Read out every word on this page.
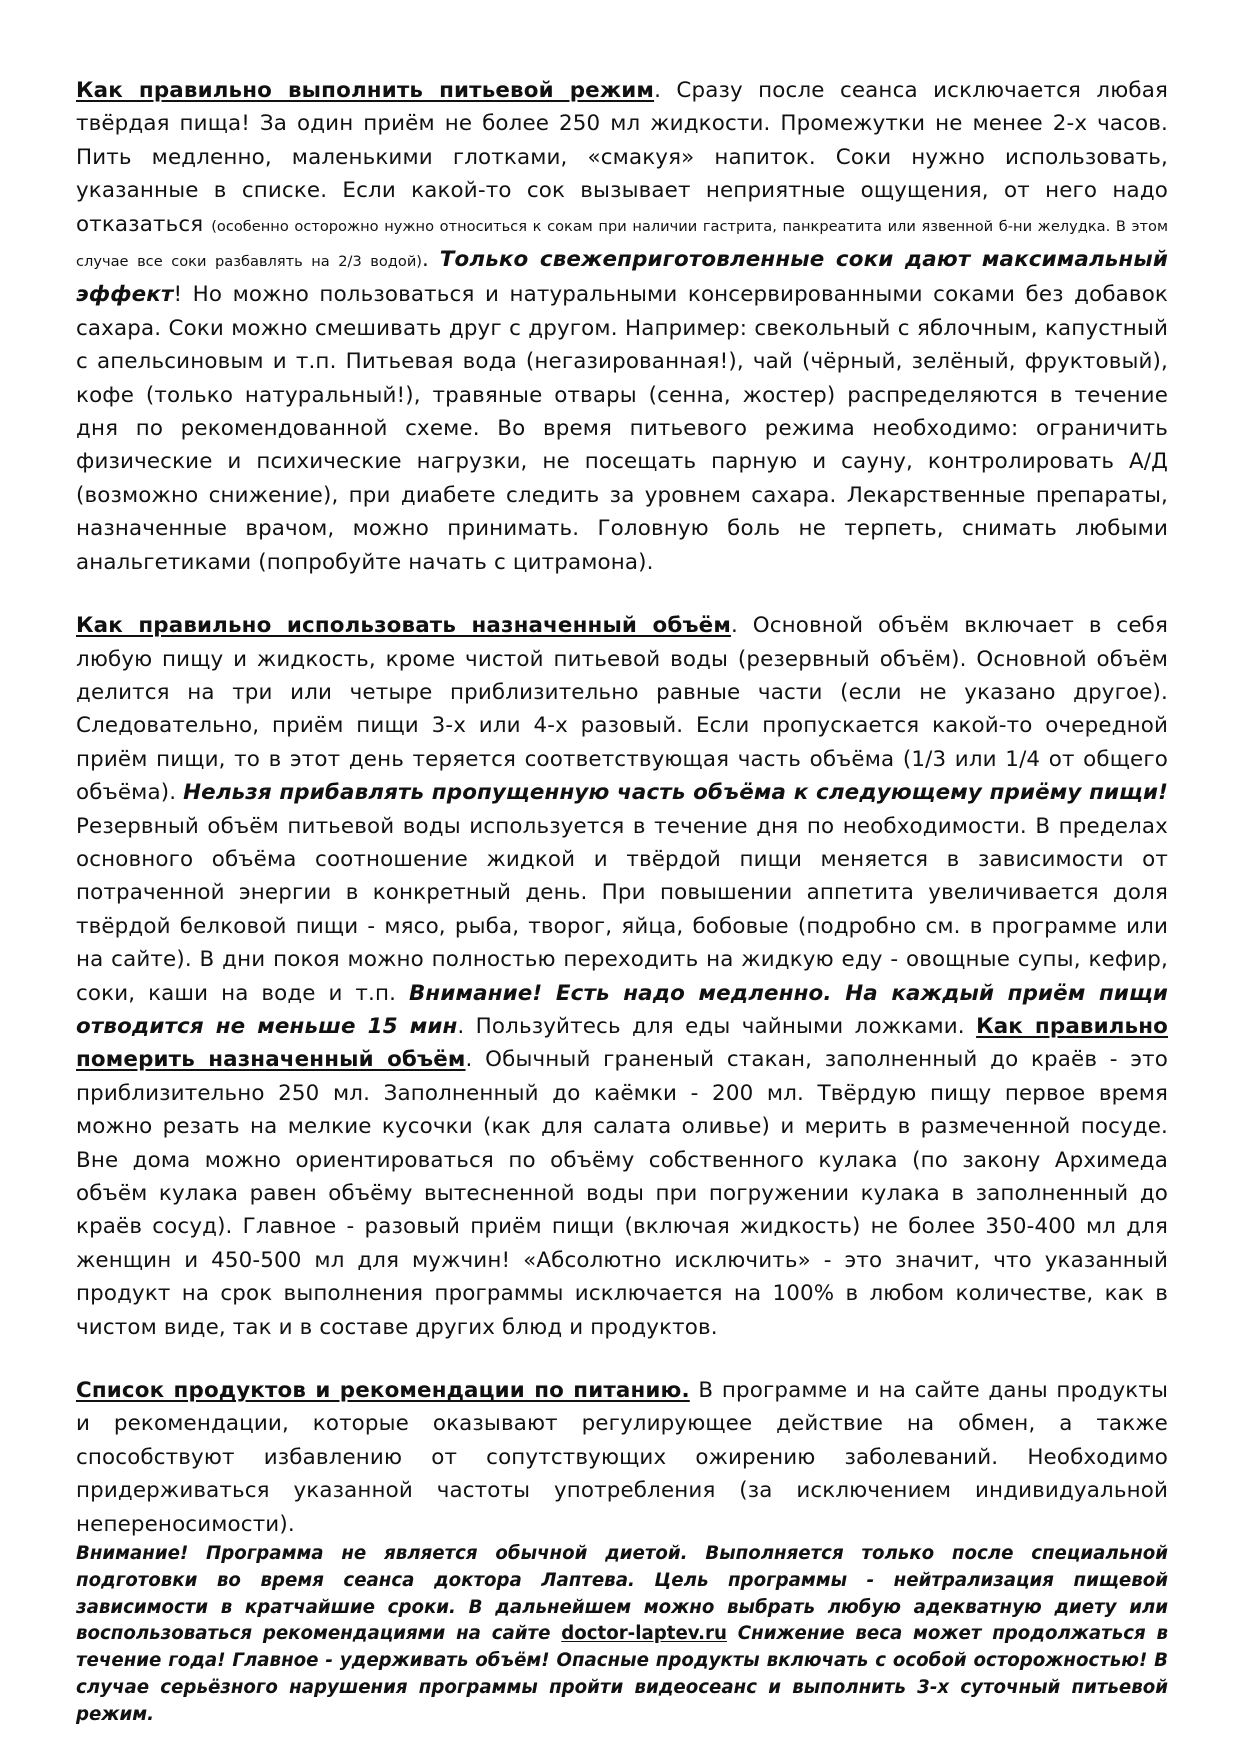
Как правильно выполнить питьевой режим. Сразу после сеанса исключается любая твёрдая пища! За один приём не более 250 мл жидкости. Промежутки не менее 2-х часов. Пить медленно, маленькими глотками, «смакуя» напиток. Соки нужно использовать, указанные в списке. Если какой-то сок вызывает неприятные ощущения, от него надо отказаться (особенно осторожно нужно относиться к сокам при наличии гастрита, панкреатита или язвенной б-ни желудка. В этом случае все соки разбавлять на 2/3 водой). Только свежеприготовленные соки дают максимальный эффект! Но можно пользоваться и натуральными консервированными соками без добавок сахара. Соки можно смешивать друг с другом. Например: свекольный с яблочным, капустный с апельсиновым и т.п. Питьевая вода (негазированная!), чай (чёрный, зелёный, фруктовый), кофе (только натуральный!), травяные отвары (сенна, жостер) распределяются в течение дня по рекомендованной схеме. Во время питьевого режима необходимо: ограничить физические и психические нагрузки, не посещать парную и сауну, контролировать А/Д (возможно снижение), при диабете следить за уровнем сахара. Лекарственные препараты, назначенные врачом, можно принимать. Головную боль не терпеть, снимать любыми анальгетиками (попробуйте начать с цитрамона).

Как правильно использовать назначенный объём. Основной объём включает в себя любую пищу и жидкость, кроме чистой питьевой воды (резервный объём). Основной объём делится на три или четыре приблизительно равные части (если не указано другое). Следовательно, приём пищи 3-х или 4-х разовый. Если пропускается какой-то очередной приём пищи, то в этот день теряется соответствующая часть объёма (1/3 или 1/4 от общего объёма). Нельзя прибавлять пропущенную часть объёма к следующему приёму пищи! Резервный объём питьевой воды используется в течение дня по необходимости. В пределах основного объёма соотношение жидкой и твёрдой пищи меняется в зависимости от потраченной энергии в конкретный день. При повышении аппетита увеличивается доля твёрдой белковой пищи - мясо, рыба, творог, яйца, бобовые (подробно см. в программе или на сайте). В дни покоя можно полностью переходить на жидкую еду - овощные супы, кефир, соки, каши на воде и т.п. Внимание! Есть надо медленно. На каждый приём пищи отводится не меньше 15 мин. Пользуйтесь для еды чайными ложками. Как правильно померить назначенный объём. Обычный граненый стакан, заполненный до краёв - это приблизительно 250 мл. Заполненный до каёмки - 200 мл. Твёрдую пищу первое время можно резать на мелкие кусочки (как для салата оливье) и мерить в размеченной посуде. Вне дома можно ориентироваться по объёму собственного кулака (по закону Архимеда объём кулака равен объёму вытесненной воды при погружении кулака в заполненный до краёв сосуд). Главное - разовый приём пищи (включая жидкость) не более 350-400 мл для женщин и 450-500 мл для мужчин! «Абсолютно исключить» - это значит, что указанный продукт на срок выполнения программы исключается на 100% в любом количестве, как в чистом виде, так и в составе других блюд и продуктов.

Список продуктов и рекомендации по питанию. В программе и на сайте даны продукты и рекомендации, которые оказывают регулирующее действие на обмен, а также способствуют избавлению от сопутствующих ожирению заболеваний. Необходимо придерживаться указанной частоты употребления (за исключением индивидуальной непереносимости).

Внимание! Программа не является обычной диетой. Выполняется только после специальной подготовки во время сеанса доктора Лаптева. Цель программы - нейтрализация пищевой зависимости в кратчайшие сроки. В дальнейшем можно выбрать любую адекватную диету или воспользоваться рекомендациями на сайте doctor-laptev.ru Снижение веса может продолжаться в течение года! Главное - удерживать объём! Опасные продукты включать с особой осторожностью! В случае серьёзного нарушения программы пройти видеосеанс и выполнить 3-х суточный питьевой режим.
